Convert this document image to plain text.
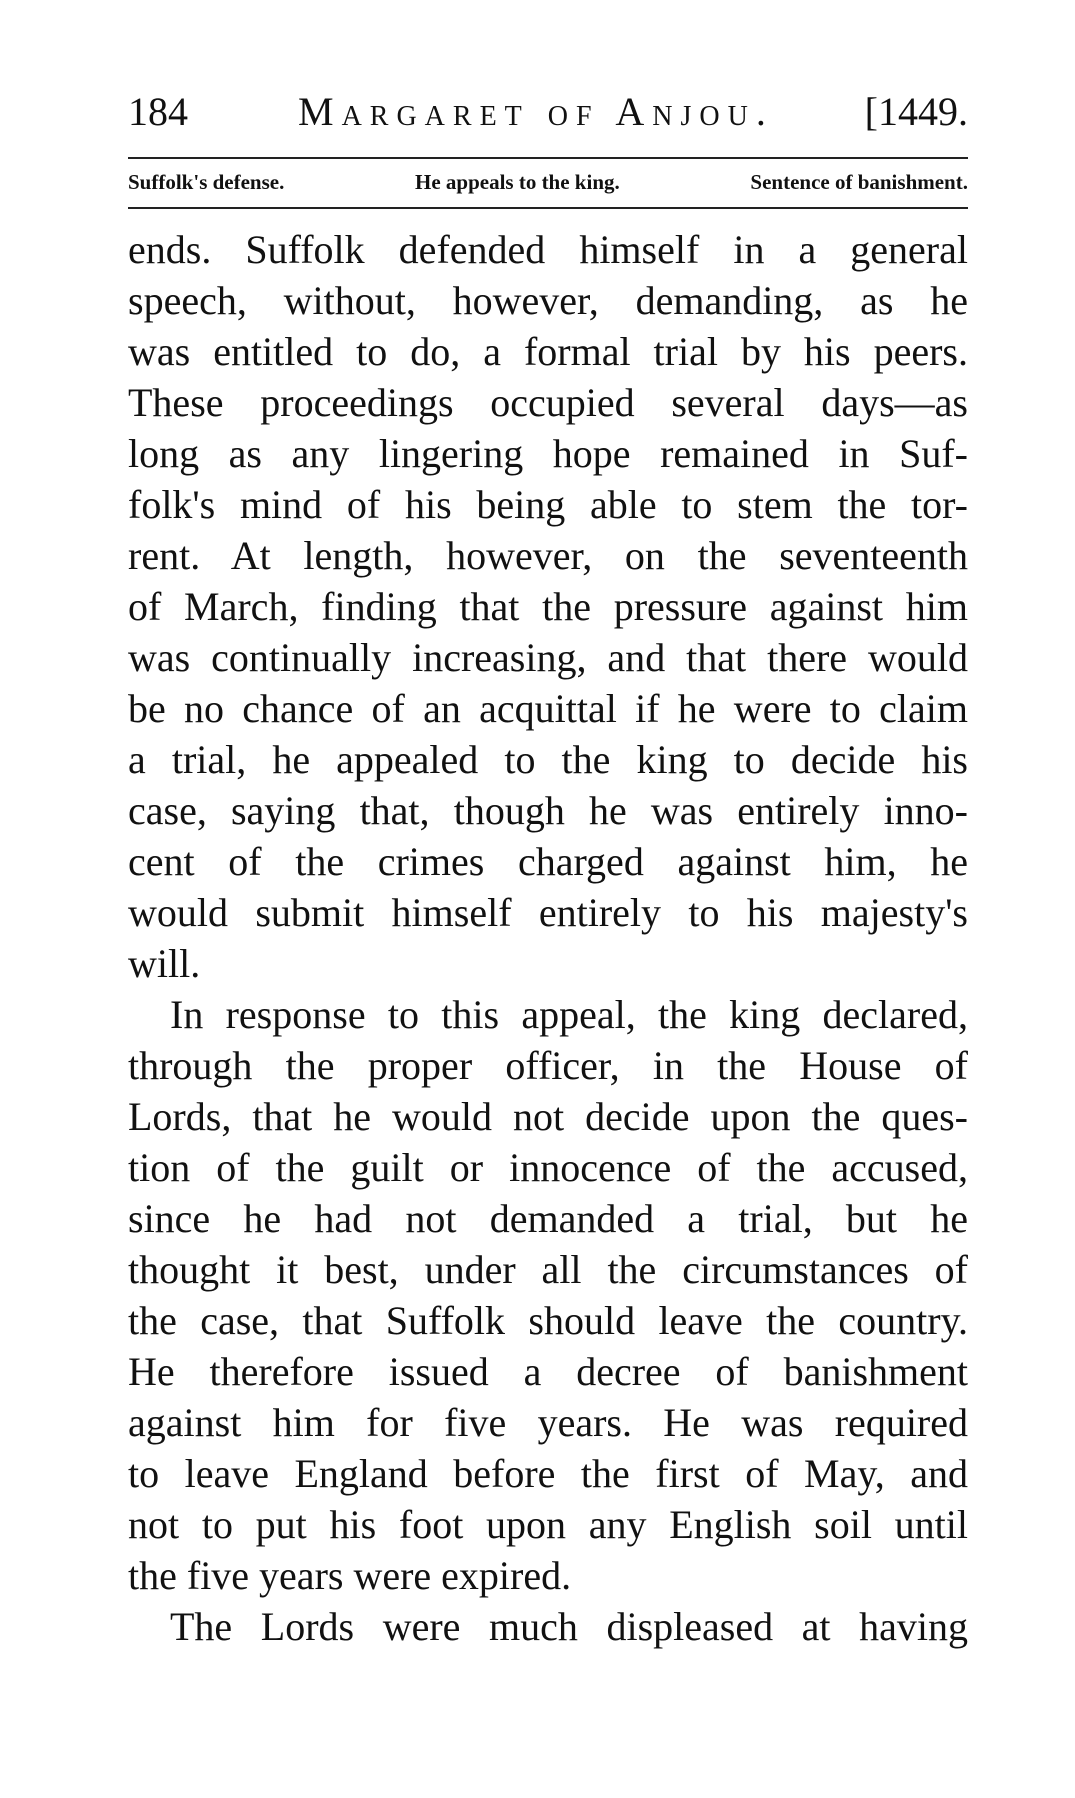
184	Margaret of Anjou. [1449.
Suffolk's defense.	He appeals to the king.	Sentence of banishment.
ends. Suffolk defended himself in a general
speech, without, however, demanding, as he
was entitled to do, a formal trial by his peers.
These proceedings occupied several days—as
long as any lingering hope remained in Suf-
folk's mind of his being able to stem the tor-
rent. At length, however, on the seventeenth
of March, finding that the pressure against him
was continually increasing, and that there would
be no chance of an acquittal if he were to claim
a trial, he appealed to the king to decide his
case, saying that, though he was entirely inno-
cent of the crimes charged against him, he
would submit himself entirely to his majesty's
will.
In response to this appeal, the king declared,
through the proper officer, in the House of
Lords, that he would not decide upon the ques-
tion of the guilt or innocence of the accused,
since he had not demanded a trial, but he
thought it best, under all the circumstances of
the case, that Suffolk should leave the country.
He therefore issued a decree of banishment
against him for five years. He was required
to leave England before the first of May, and
not to put his foot upon any English soil until
the five years were expired.
The Lords were much displeased at having
